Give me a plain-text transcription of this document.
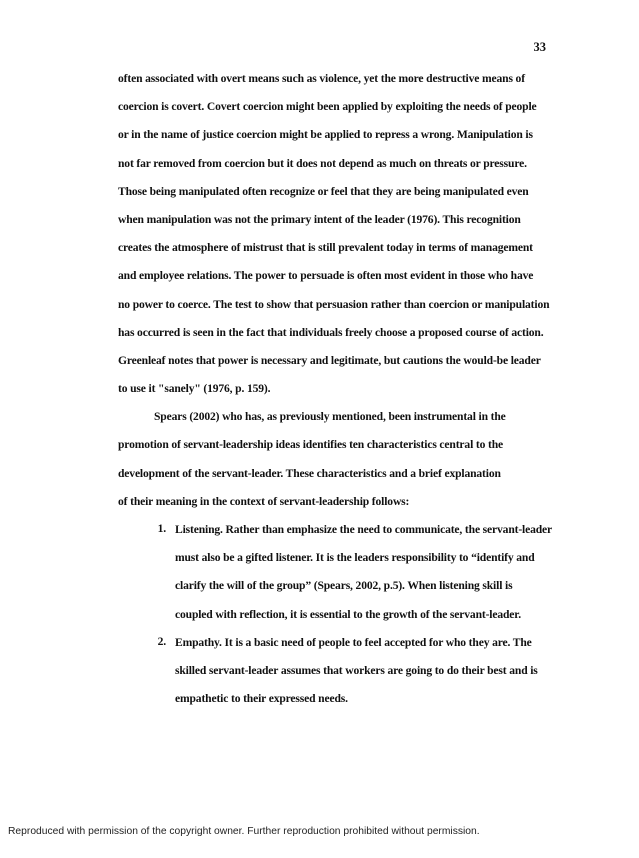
33
often associated with overt means such as violence, yet the more destructive means of
coercion is covert. Covert coercion might been applied by exploiting the needs of people
or in the name of justice coercion might be applied to repress a wrong. Manipulation is
not far removed from coercion but it does not depend as much on threats or pressure.
Those being manipulated often recognize or feel that they are being manipulated even
when manipulation was not the primary intent of the leader (1976). This recognition
creates the atmosphere of mistrust that is still prevalent today in terms of management
and employee relations. The power to persuade is often most evident in those who have
no power to coerce. The test to show that persuasion rather than coercion or manipulation
has occurred is seen in the fact that individuals freely choose a proposed course of action.
Greenleaf notes that power is necessary and legitimate, but cautions the would-be leader
to use it "sanely" (1976, p. 159).
Spears (2002) who has, as previously mentioned, been instrumental in the
promotion of servant-leadership ideas identifies ten characteristics central to the
development of the servant-leader. These characteristics and a brief explanation
of their meaning in the context of servant-leadership follows:
1. Listening. Rather than emphasize the need to communicate, the servant-leader
must also be a gifted listener. It is the leaders responsibility to “identify and
clarify the will of the group” (Spears, 2002, p.5). When listening skill is
coupled with reflection, it is essential to the growth of the servant-leader.
2. Empathy. It is a basic need of people to feel accepted for who they are. The
skilled servant-leader assumes that workers are going to do their best and is
empathetic to their expressed needs.
Reproduced with permission of the copyright owner. Further reproduction prohibited without permission.
